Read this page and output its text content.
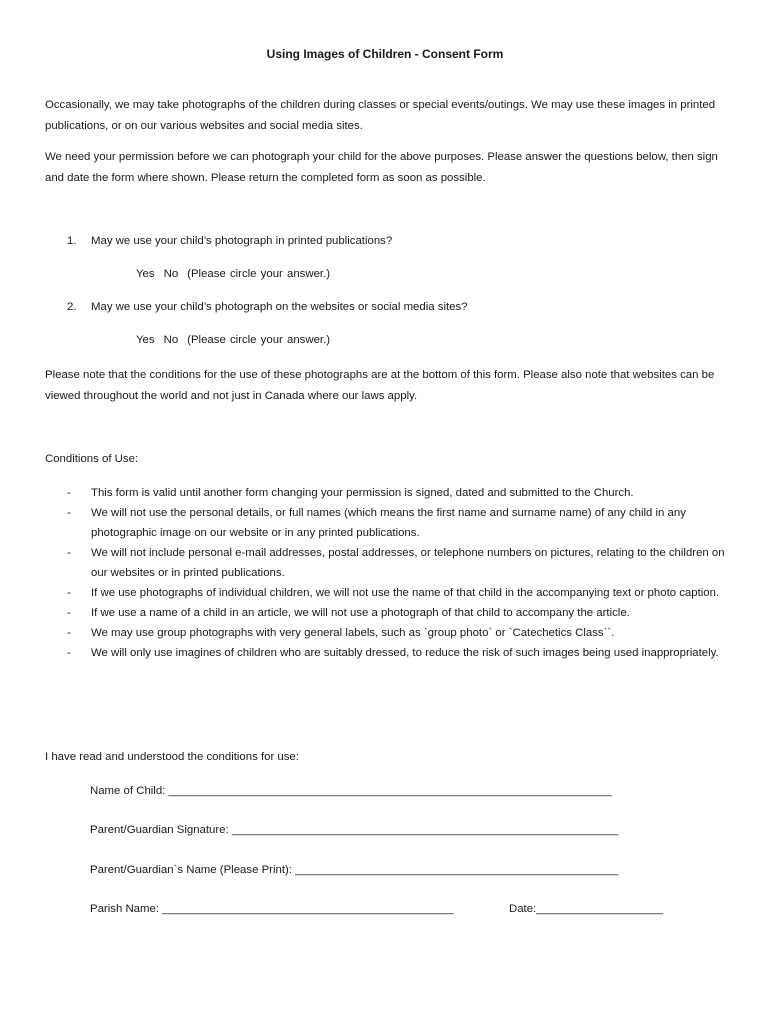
Using Images of Children - Consent Form
Occasionally, we may take photographs of the children during classes or special events/outings. We may use these images in printed publications, or on our various websites and social media sites.
We need your permission before we can photograph your child for the above purposes. Please answer the questions below, then sign and date the form where shown. Please return the completed form as soon as possible.
1. May we use your child’s photograph in printed publications?
Yes No (Please circle your answer.)
2. May we use your child’s photograph on the websites or social media sites?
Yes No (Please circle your answer.)
Please note that the conditions for the use of these photographs are at the bottom of this form. Please also note that websites can be viewed throughout the world and not just in Canada where our laws apply.
Conditions of Use:
- This form is valid until another form changing your permission is signed, dated and submitted to the Church.
- We will not use the personal details, or full names (which means the first name and surname name) of any child in any photographic image on our website or in any printed publications.
- We will not include personal e-mail addresses, postal addresses, or telephone numbers on pictures, relating to the children on our websites or in printed publications.
- If we use photographs of individual children, we will not use the name of that child in the accompanying text or photo caption.
- If we use a name of a child in an article, we will not use a photograph of that child to accompany the article.
- We may use group photographs with very general labels, such as `group photo` or `Catechetics Class``.
- We will only use imagines of children who are suitably dressed, to reduce the risk of such images being used inappropriately.
I have read and understood the conditions for use:
Name of Child: ______________________________________________________________________
Parent/Guardian Signature: _____________________________________________________________
Parent/Guardian`s Name (Please Print): ___________________________________________________
Parish Name: ______________________________________________	Date:____________________
